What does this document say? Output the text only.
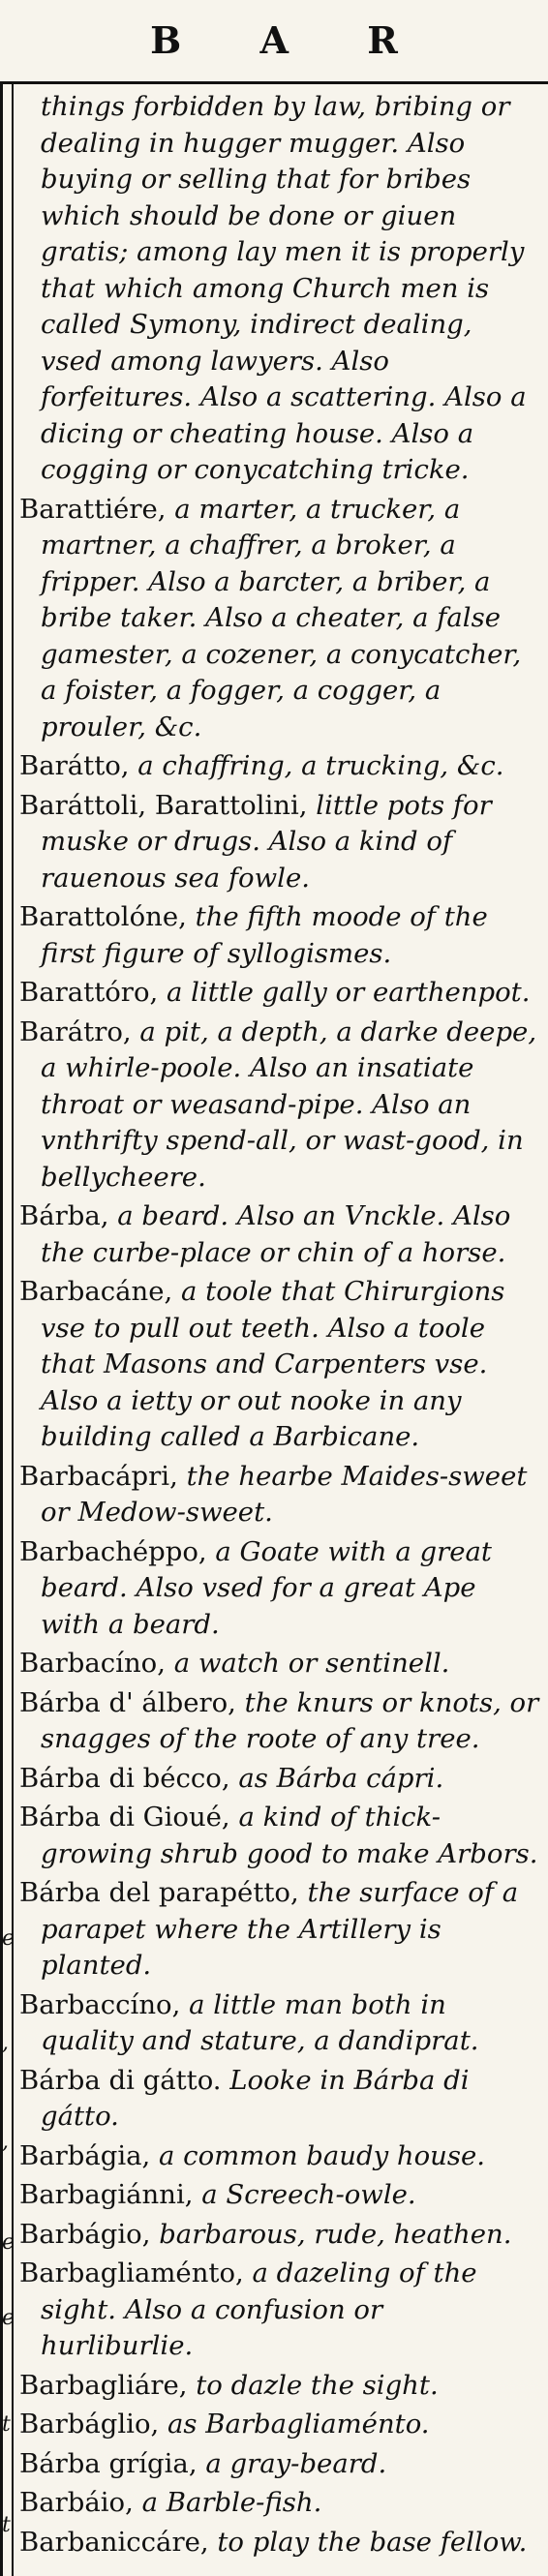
B A R
e
,
,
e
e
t
t

things forbidden by law, bribing or dealing in hugger mugger. Also buying or selling that for bribes which should be done or giuen gratis; among lay men it is properly that which among Church men is called Symony, indirect dealing, vsed among lawyers. Also forfeitures. Also a scattering. Also a dicing or cheating house. Also a cogging or conycatching tricke.

Barattiére, a marter, a trucker, a martner, a chaffrer, a broker, a fripper. Also a barcter, a briber, a bribe taker. Also a cheater, a false gamester, a cozener, a conycatcher, a foister, a fogger, a cogger, a prouler, &c.

Barátto, a chaffring, a trucking, &c.

Baráttoli, Barattolini, little pots for muske or drugs. Also a kind of rauenous sea fowle.

Barattolóne, the fifth moode of the first figure of syllogismes.

Barattóro, a little gally or earthenpot.

Barátro, a pit, a depth, a darke deepe, a whirle-poole. Also an insatiate throat or weasand-pipe. Also an vnthrifty spend-all, or wast-good, in bellycheere.

Bárba, a beard. Also an Vnckle. Also the curbe-place or chin of a horse.

Barbacáne, a toole that Chirurgions vse to pull out teeth. Also a toole that Masons and Carpenters vse. Also a ietty or out nooke in any building called a Barbicane.

Barbacápri, the hearbe Maides-sweet or Medow-sweet.

Barbachéppo, a Goate with a great beard. Also vsed for a great Ape with a beard.

Barbacíno, a watch or sentinell.

Bárba d' álbero, the knurs or knots, or snagges of the roote of any tree.

Bárba di bécco, as Bárba cápri.

Bárba di Gioué, a kind of thick-growing shrub good to make Arbors.

Bárba del parapétto, the surface of a parapet where the Artillery is planted.

Barbaccíno, a little man both in quality and stature, a dandiprat.

Bárba di gátto. Looke in Bárba di gátto.

Barbágia, a common baudy house.

Barbagiánni, a Screech-owle.

Barbágio, barbarous, rude, heathen.

Barbagliaménto, a dazeling of the sight. Also a confusion or hurliburlie.

Barbagliáre, to dazle the sight.

Barbáglio, as Barbagliaménto.

Bárba grígia, a gray-beard.

Barbáio, a Barble-fish.

Barbaniccáre, to play the base fellow.
